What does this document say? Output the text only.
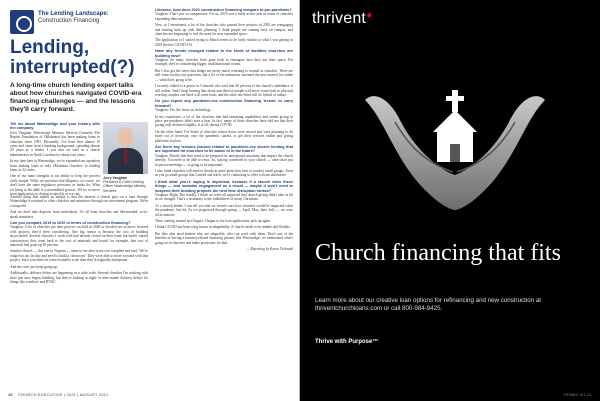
The Lending Landscape:
Construction Financing
Lending, interrupted(?)
A long-time church lending expert talks about how churches navigated COVID-era financing challenges — and the lessons they'll carry forward.
Tell me about Waterstidge and your history with the company.

Jerry Vaughan: Waterstidge Ministry Services (formerly The Baptist Foundation of Oklahoma) has been making loans to churches since 1993. Personally, I've been here almost 19 years and came from a banking background, spending almost 20 years as a lender. I was also on staff as a church administrator in North Carolina for about four years.

In my time here at Waterstidge, we've expanded our operation from making loans to only Oklahoma churches, to lending loans in 22 states.

One of our main strengths is our ability to keep the process fairly simple. While we prioritize due diligence, of course, we don't have the same regulatory pressures as banks do. What we bring to the table is a streamlined process. We try to move from application to closing as quickly as we can.

Jerry Vaughan
President & Chief Lending Officer Waterstidge Ministry Services

Another thing that makes us unique is that the interest a church pays on a loan through Waterstidge is returned to other churches and ministries through our investment program. We're a nonprofit.

And we don't take deposits from individuals. It's all from churches and like-minded, so-to-speak ministries.

Can you compare 2019 to 2020 in terms of construction financing?

Vaughan: A lot of churches put their projects on hold in 2020 or decided not to move forward with projects they'd been considering. One big reason is because the cost of building skyrocketed. Several churches I work with had already closed on their loans but hadn't started construction; they went back to the cost of materials and found, for example, that cost of materials had gone up 30 percent.

Another church — this one in Virginia — came to me after work was complete and said, 'We've outgrown our facility and need to build a classroom.' They were able to move forward with that project, but it was done on a much smaller scale than they'd originally anticipated.

And the costs just keep going up.

Additionally, delivery delays are happening on a wide scale. Several churches I'm working with have just now begun building, but they're looking at eight- to nine-month delivery delays for things like windows and HVAC.

Likewise, how does 2021 construction financing compare to pre-pandemic?

Vaughan: That's just so comparative. For us, 2019 was a fairly active year in terms of churches expanding their ministries.

Now, as I mentioned, a lot of the churches who paused their projects in 2020 are reengaging and starting back up with their planning. I think people are coming back on campus, and churches are beginning to feel the need for new expanded space.

The application of I started trying to Match seems to be fairly similar to what I was getting in 2019 (before COVID-19).

Have any trends emerged related to the kinds of facilities churches are building now?

Vaughan: So many churches have gone back to reimagine how they use their space. For example, they're considering bigger, multifunctional rooms.

But I also get the sense that things are pretty much returning to normal in churches. There are still some facility-use questions, but a lot of the unknowns surround the new normal for online — what that's going to be.

I recently talked to a pastor in Colorado who said that 40 percent of his church's attendance is still online. And I keep hearing that about one-third of people will never come back to physical worship; another one-third will come back; and the other one-third will do hybrid or online.

Do you expect any pandemic-era construction financing 'trends' to carry forward?

Vaughan: Yes, the focus on technology.

In my experience, a lot of the churches that had streaming capabilities and online giving in place pre-pandemic didn't miss a beat. In fact, many of those churches have told me that their giving only declined slightly, if at all, during COVID.

On the other hand, I've heard of churches whose doors were moved and were planning to do more out of necessity, once the pandemic started, to get their services online and giving platforms in place.

Are there any lessons learned related to pandemic-era church lending that are important for churches to be aware of in the future?

Vaughan: Mostly that they need to be prepared for unexpected situations that impact the church directly. You need to be able to react. So, staying connected to your church — other than just in-person meetings — is going to be important.

I also think churches will need to decide at some point how best to conduct small groups. Even as you go small groups that I attend and teach, we're continuing to offer a Zoom alternative.

I think what you're saying is important, because if a church does these things — and sustains engagement as a result — maybe it won't need to suspend their building projects the next time disruption strikes?

Vaughan: Right. But frankly, I think we were all surprised that church giving didn't take as hit as we thought. That's a testimony to the faithfulness of many Christians.

As a church lender, I can tell you that we weren't sure how churches would be impacted when the pandemic first hit. As we progressed through spring — April, May, June, July — we were all in anxious.

Then, starting around last August, I began to see loan applications pick up again.

I think COVID has been a big lesson in adaptability. A church needs to be nimble and flexible.

But they also need lenders who are adaptable, who can work with them. That's one of the benefits of having a ministry-related financing partner, like Waterstidge; we understand what's going on in churches and make provisions for that.

— Reporting by Karen Tichnauk

16 CHURCH EXECUTIVE | 2021 | AUGUST 2021
thrivent●
Church financing that fits
Learn more about our creative loan options for refinancing and new construction at thriventchurchloans.com or call 800-984-9425.
Thrive with Purpose™
29396G N7-21
